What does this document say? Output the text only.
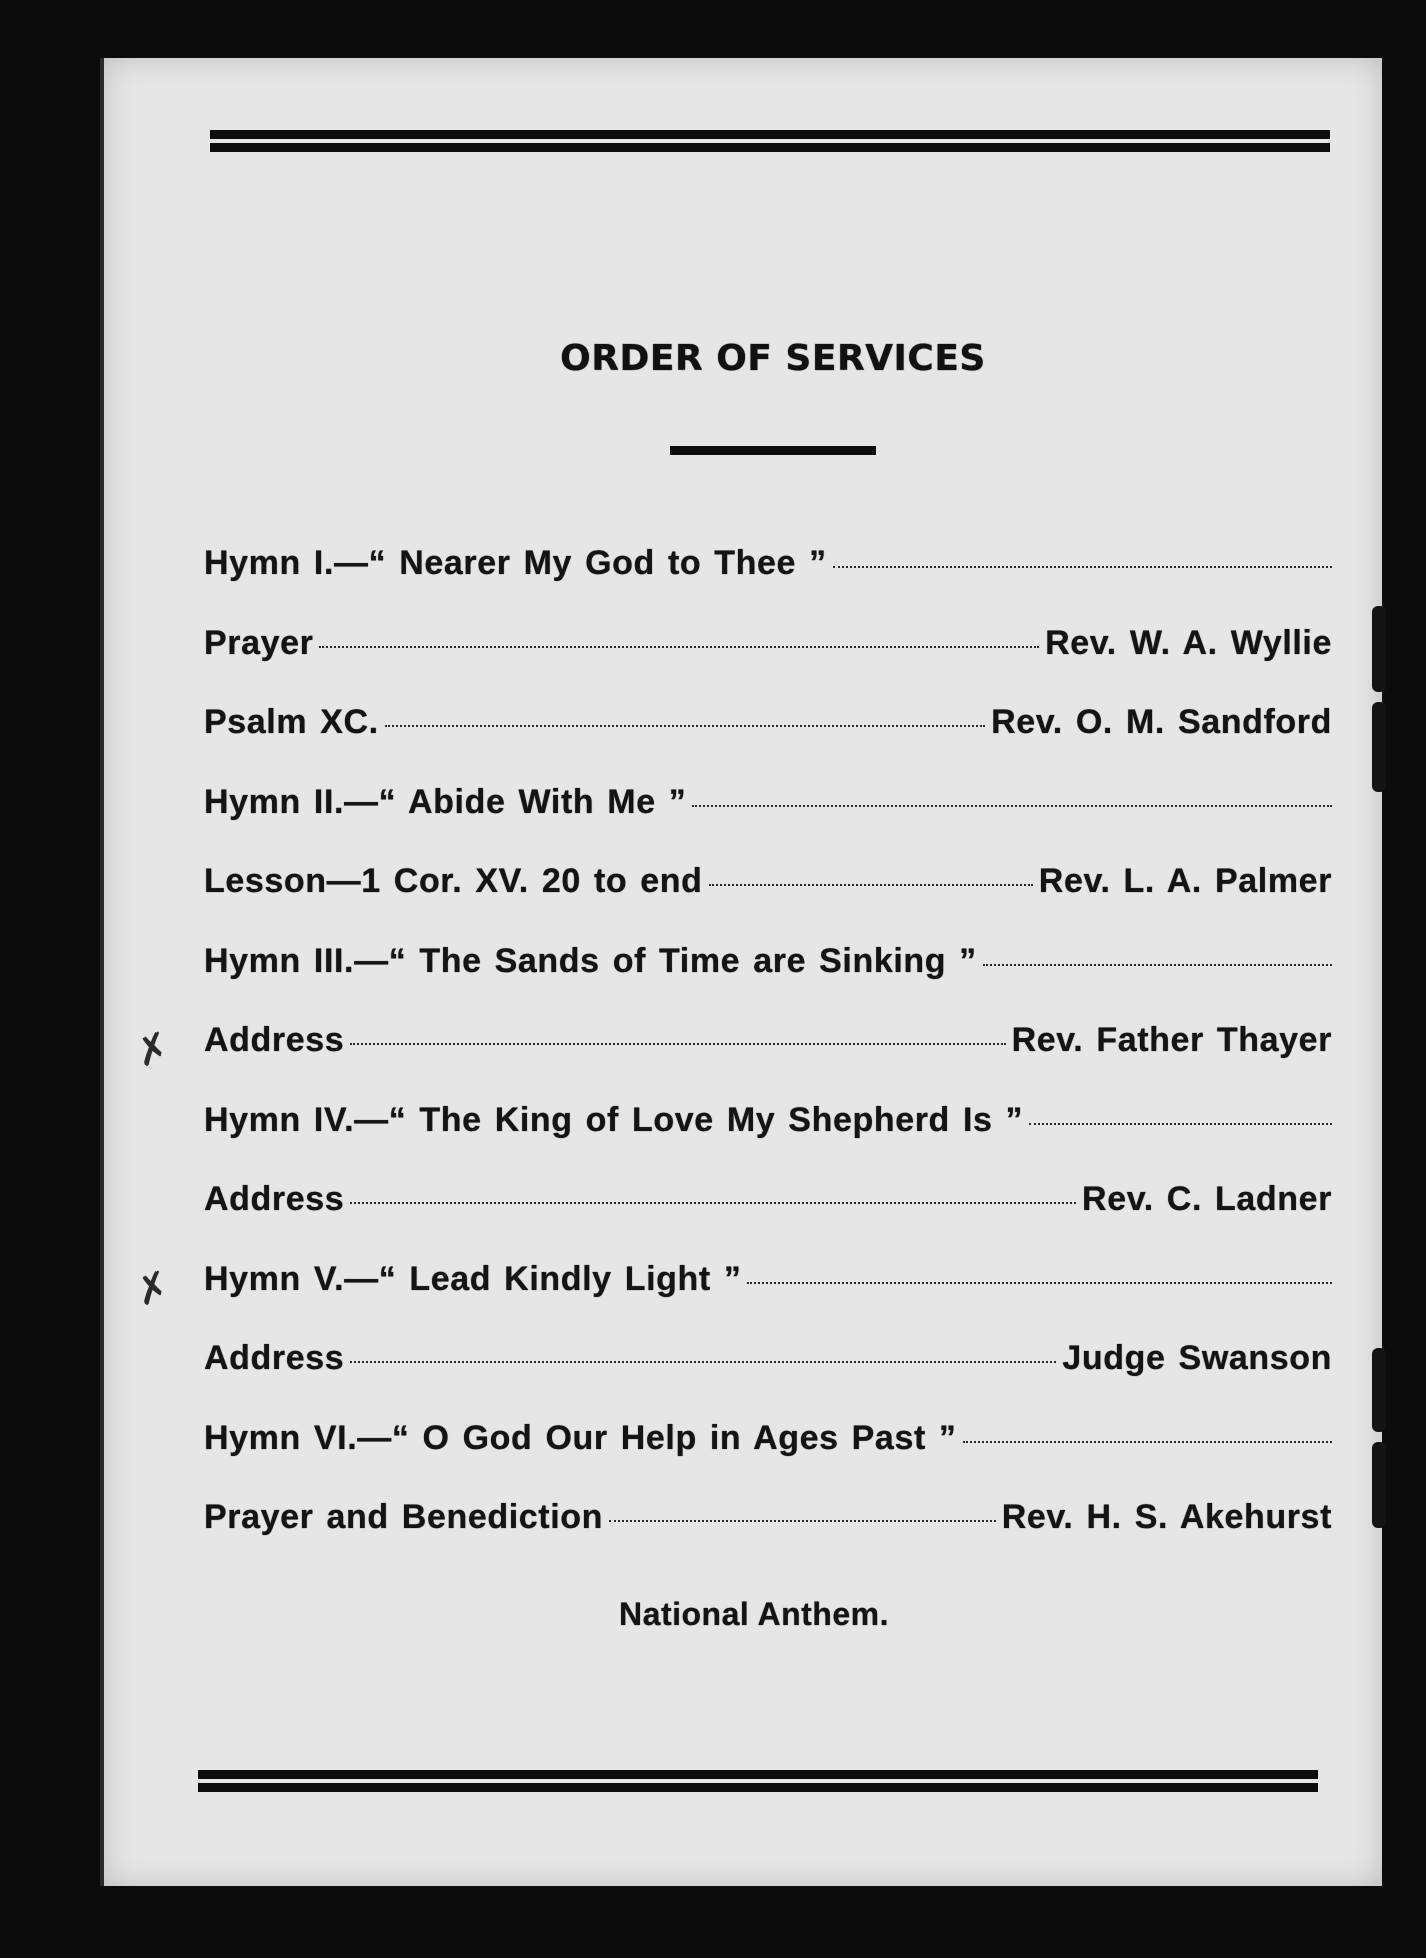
ORDER OF SERVICES
Hymn I.—“ Nearer My God to Thee ”
Prayer	Rev. W. A. Wyllie
Psalm XC.	Rev. O. M. Sandford
Hymn II.—“ Abide With Me ”
Lesson—1 Cor. XV. 20 to end	Rev. L. A. Palmer
Hymn III.—“ The Sands of Time are Sinking ”
✗ Address	Rev. Father Thayer
Hymn IV.—“ The King of Love My Shepherd Is ”
Address	Rev. C. Ladner
✗ Hymn V.—“ Lead Kindly Light ”
Address	Judge Swanson
Hymn VI.—“ O God Our Help in Ages Past ”
Prayer and Benediction	Rev. H. S. Akehurst
National Anthem.
